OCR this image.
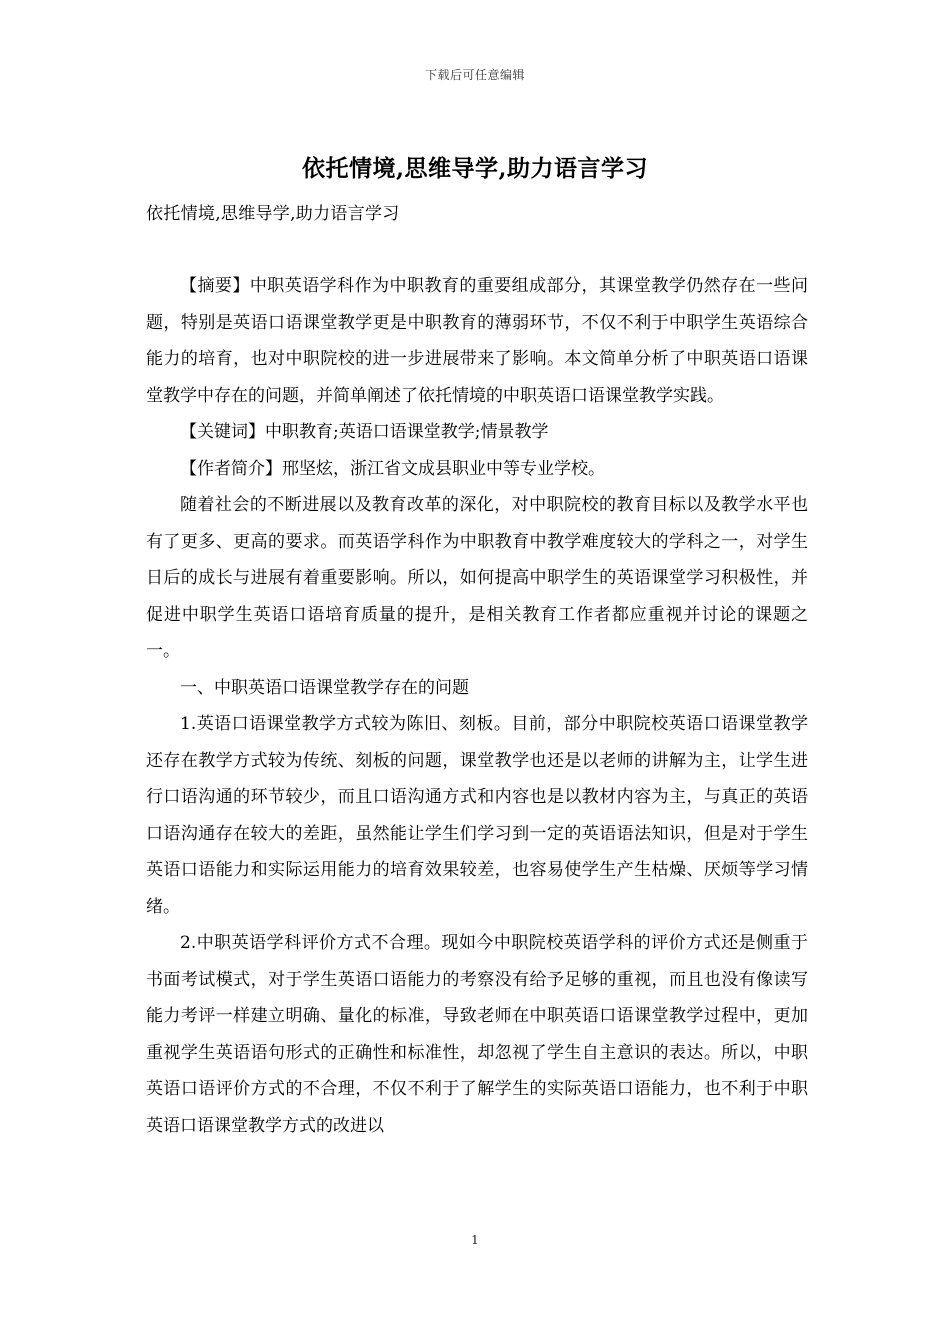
下载后可任意编辑
依托情境,思维导学,助力语言学习
依托情境,思维导学,助力语言学习

【摘要】中职英语学科作为中职教育的重要组成部分，其课堂教学仍然存在一些问题，特别是英语口语课堂教学更是中职教育的薄弱环节，不仅不利于中职学生英语综合能力的培育，也对中职院校的进一步进展带来了影响。本文简单分析了中职英语口语课堂教学中存在的问题，并简单阐述了依托情境的中职英语口语课堂教学实践。

【关键词】中职教育;英语口语课堂教学;情景教学

【作者简介】邢坚炫，浙江省文成县职业中等专业学校。

随着社会的不断进展以及教育改革的深化，对中职院校的教育目标以及教学水平也有了更多、更高的要求。而英语学科作为中职教育中教学难度较大的学科之一，对学生日后的成长与进展有着重要影响。所以，如何提高中职学生的英语课堂学习积极性，并促进中职学生英语口语培育质量的提升，是相关教育工作者都应重视并讨论的课题之一。

一、中职英语口语课堂教学存在的问题

1.英语口语课堂教学方式较为陈旧、刻板。目前，部分中职院校英语口语课堂教学还存在教学方式较为传统、刻板的问题，课堂教学也还是以老师的讲解为主，让学生进行口语沟通的环节较少，而且口语沟通方式和内容也是以教材内容为主，与真正的英语口语沟通存在较大的差距，虽然能让学生们学习到一定的英语语法知识，但是对于学生英语口语能力和实际运用能力的培育效果较差，也容易使学生产生枯燥、厌烦等学习情绪。

2.中职英语学科评价方式不合理。现如今中职院校英语学科的评价方式还是侧重于书面考试模式，对于学生英语口语能力的考察没有给予足够的重视，而且也没有像读写能力考评一样建立明确、量化的标准，导致老师在中职英语口语课堂教学过程中，更加重视学生英语语句形式的正确性和标准性，却忽视了学生自主意识的表达。所以，中职英语口语评价方式的不合理，不仅不利于了解学生的实际英语口语能力，也不利于中职英语口语课堂教学方式的改进以

1
